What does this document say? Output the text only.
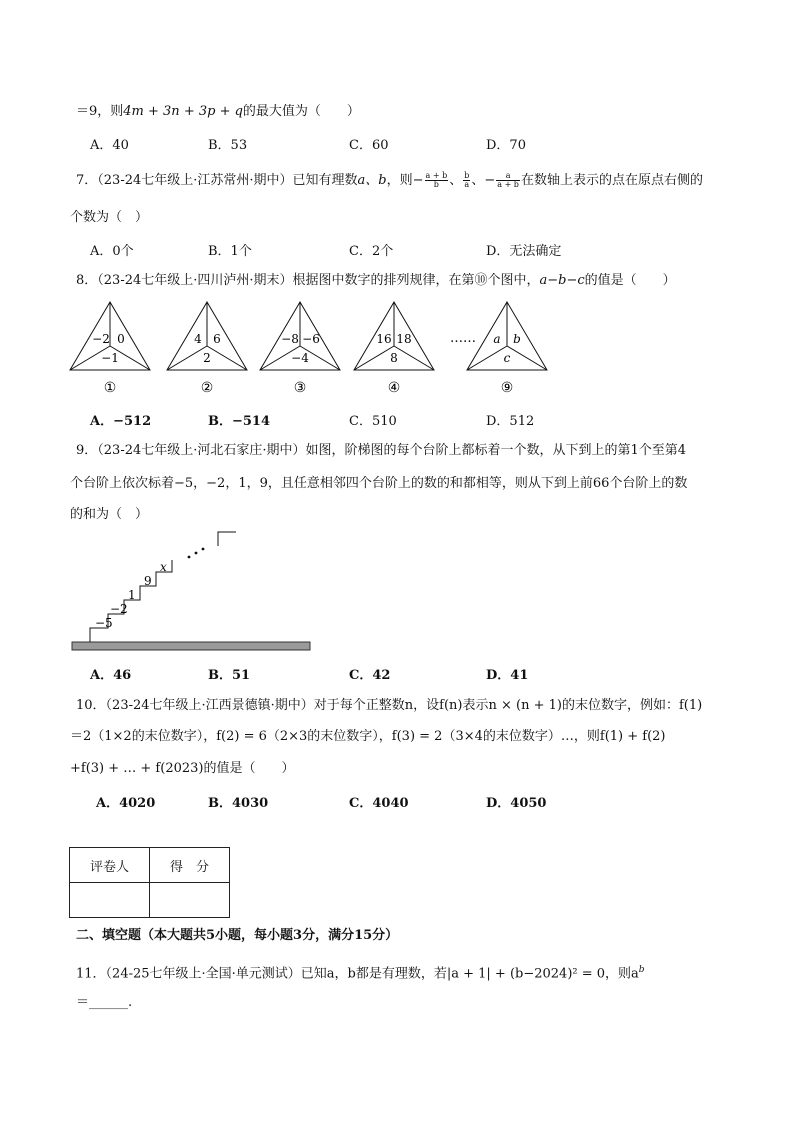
＝9，则4m + 3n + 3p + q的最大值为（　　）
A．40	B．53	C．60	D．70
7．（23-24七年级上·江苏常州·期中）已知有理数a、b，则− $\frac{a + b}{b}$ 、 $\frac{b}{a}$ 、− $\frac{a}{a + b}$ 在数轴上表示的点在原点右侧的
个数为（　）
A．0个	B．1个	C．2个	D．无法确定
8．（23-24七年级上·四川泸州·期末）根据图中数字的排列规律，在第⑩个图中，a−b−c的值是（　　）
−2 0
−1
①
4 6
2
②
−8 −6
−4
③
16 18
8
④
…… a b
c
⑨
−5
−2
1
9
x
A．−512	B．−514	C．510	D．512
9．（23-24七年级上·河北石家庄·期中）如图，阶梯图的每个台阶上都标着一个数，从下到上的第1个至第4
个台阶上依次标着−5，−2，1，9，且任意相邻四个台阶上的数的和都相等，则从下到上前66个台阶上的数
的和为（　）
A．46	B．51	C．42	D．41
10．（23-24七年级上·江西景德镇·期中）对于每个正整数n，设f(n)表示n × (n + 1)的末位数字，例如：f(1)
＝2（1×2的末位数字），f(2) = 6（2×3的末位数字），f(3) = 2（3×4的末位数字）…，则f(1) + f(2)
+f(3) + … + f(2023)的值是（　　）
A．4020	B．4030	C．4040	D．4050
评卷人	得　分

二、填空题（本大题共5小题，每小题3分，满分15分）
11．（24-25七年级上·全国·单元测试）已知a，b都是有理数，若|a + 1| + (b−2024)² = 0，则$a^b$
＝______.
